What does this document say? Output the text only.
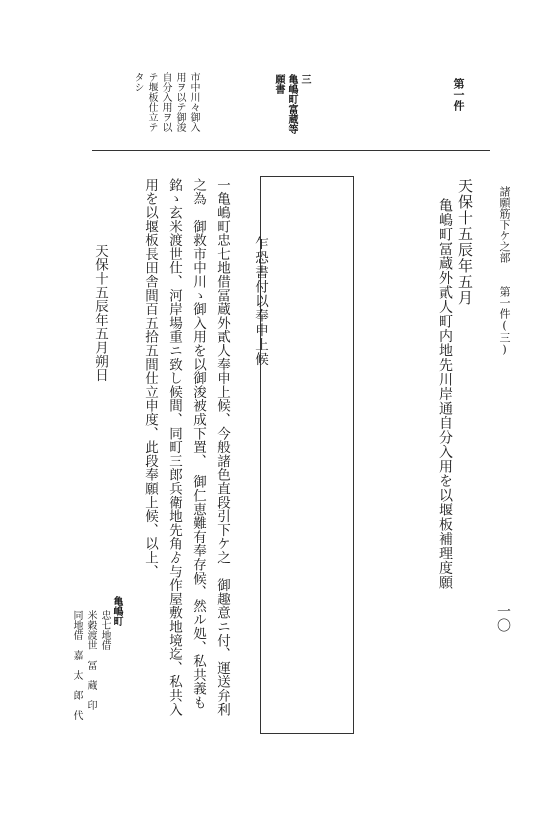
第一件
三
亀嶋町富蔵等
願書
市中川々御入
用ヲ以テ御浚
自分入用ヲ以
テ堰板仕立テ
タシ
諸願筋下ケ之部
第一件(三)
一〇
天保十五辰年五月
亀嶋町冨蔵外貳人町内地先川岸通自分入用を以堰板補理度願
乍恐書付以奉申上候
一亀嶋町忠七地借冨蔵外貳人奉申上候、今般諸色直段引下ケ之　御趣意ニ付、運送弁利
之為　御救市中川ゝ御入用を以御浚被成下置、　御仁恵難有奉存候、然ル処、私共義も
銘ゝ玄米渡世仕、河岸場重ニ致し候間、同町三郎兵衛地先角ゟ与作屋敷地境迄、私共入
用を以堰板長田舎間百五拾五間仕立申度、此段奉願上候、以上、
天保十五辰年五月朔日
亀嶋町
忠七地借
米穀渡世　冨　蔵　印
同地借　嘉　太　郎　代
